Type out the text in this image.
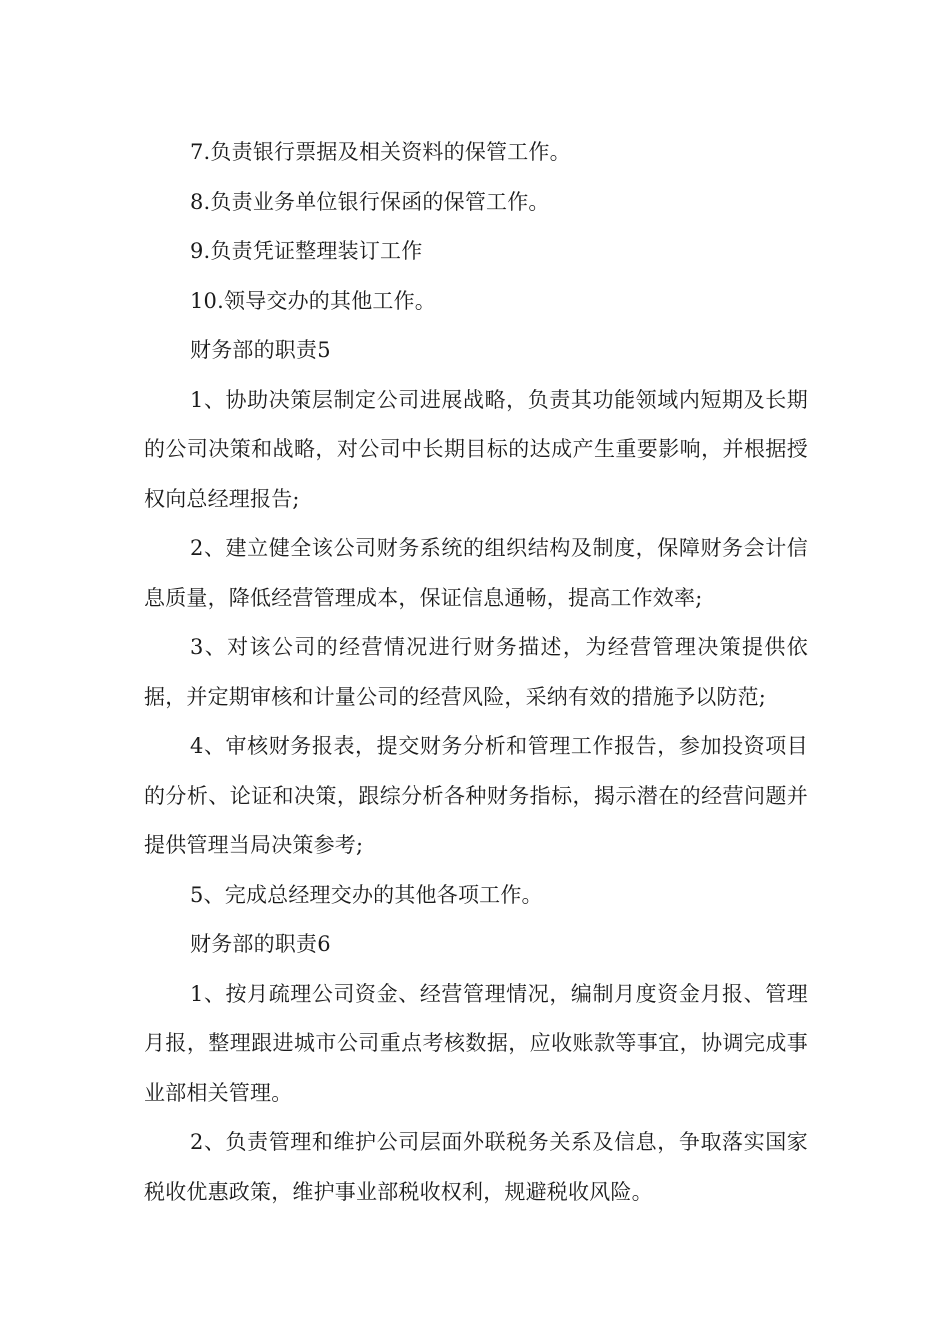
7.负责银行票据及相关资料的保管工作。

8.负责业务单位银行保函的保管工作。

9.负责凭证整理装订工作

10.领导交办的其他工作。

财务部的职责5

1、协助决策层制定公司进展战略，负责其功能领域内短期及长期的公司决策和战略，对公司中长期目标的达成产生重要影响，并根据授权向总经理报告;

2、建立健全该公司财务系统的组织结构及制度，保障财务会计信息质量，降低经营管理成本，保证信息通畅，提高工作效率;

3、对该公司的经营情况进行财务描述，为经营管理决策提供依据，并定期审核和计量公司的经营风险，采纳有效的措施予以防范;

4、审核财务报表，提交财务分析和管理工作报告，参加投资项目的分析、论证和决策，跟综分析各种财务指标，揭示潜在的经营问题并提供管理当局决策参考;

5、完成总经理交办的其他各项工作。

财务部的职责6

1、按月疏理公司资金、经营管理情况，编制月度资金月报、管理月报，整理跟进城市公司重点考核数据，应收账款等事宜，协调完成事业部相关管理。

2、负责管理和维护公司层面外联税务关系及信息，争取落实国家税收优惠政策，维护事业部税收权利，规避税收风险。
